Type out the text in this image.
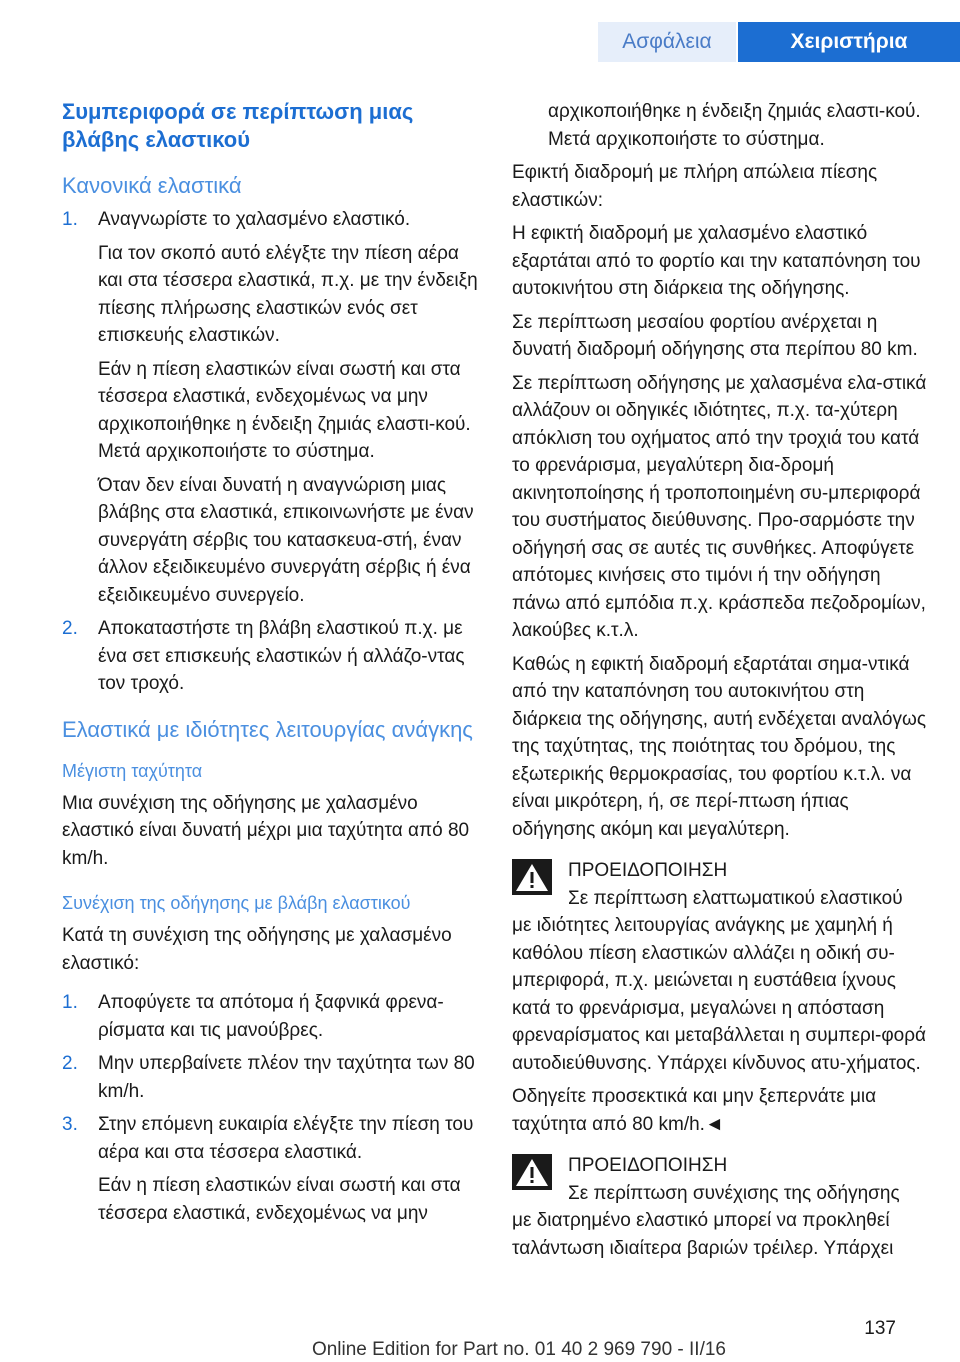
Ασφάλεια	Χειριστήρια
Συμπεριφορά σε περίπτωση μιας βλάβης ελαστικού
Κανονικά ελαστικά
1. Αναγνωρίστε το χαλασμένο ελαστικό.
Για τον σκοπό αυτό ελέγξτε την πίεση αέρα και στα τέσσερα ελαστικά, π.χ. με την ένδειξη πίεσης πλήρωσης ελαστικών ενός σετ επισκευής ελαστικών.
Εάν η πίεση ελαστικών είναι σωστή και στα τέσσερα ελαστικά, ενδεχομένως να μην αρχικοποιήθηκε η ένδειξη ζημιάς ελαστι-κού. Μετά αρχικοποιήστε το σύστημα.
Όταν δεν είναι δυνατή η αναγνώριση μιας βλάβης στα ελαστικά, επικοινωνήστε με έναν συνεργάτη σέρβις του κατασκευα-στή, έναν άλλον εξειδικευμένο συνεργάτη σέρβις ή ένα εξειδικευμένο συνεργείο.
2. Αποκαταστήστε τη βλάβη ελαστικού π.χ. με ένα σετ επισκευής ελαστικών ή αλλάζο-ντας τον τροχό.
Ελαστικά με ιδιότητες λειτουργίας ανάγκης
Μέγιστη ταχύτητα

Μια συνέχιση της οδήγησης με χαλασμένο ελαστικό είναι δυνατή μέχρι μια ταχύτητα από 80 km/h.

Συνέχιση της οδήγησης με βλάβη ελαστικού

Κατά τη συνέχιση της οδήγησης με χαλασμένο ελαστικό:

1. Αποφύγετε τα απότομα ή ξαφνικά φρενα-ρίσματα και τις μανούβρες.
2. Μην υπερβαίνετε πλέον την ταχύτητα των 80 km/h.
3. Στην επόμενη ευκαιρία ελέγξτε την πίεση του αέρα και στα τέσσερα ελαστικά.
Εάν η πίεση ελαστικών είναι σωστή και στα τέσσερα ελαστικά, ενδεχομένως να μην

αρχικοποιήθηκε η ένδειξη ζημιάς ελαστι-κού. Μετά αρχικοποιήστε το σύστημα.

Εφικτή διαδρομή με πλήρη απώλεια πίεσης ελαστικών:

Η εφικτή διαδρομή με χαλασμένο ελαστικό εξαρτάται από το φορτίο και την καταπόνηση του αυτοκινήτου στη διάρκεια της οδήγησης.

Σε περίπτωση μεσαίου φορτίου ανέρχεται η δυνατή διαδρομή οδήγησης στα περίπου 80 km.

Σε περίπτωση οδήγησης με χαλασμένα ελα-στικά αλλάζουν οι οδηγικές ιδιότητες, π.χ. τα-χύτερη απόκλιση του οχήματος από την τροχιά του κατά το φρενάρισμα, μεγαλύτερη δια-δρομή ακινητοποίησης ή τροποποιημένη συ-μπεριφορά του συστήματος διεύθυνσης. Προ-σαρμόστε την οδήγησή σας σε αυτές τις συνθήκες. Αποφύγετε απότομες κινήσεις στο τιμόνι ή την οδήγηση πάνω από εμπόδια π.χ. κράσπεδα πεζοδρομίων, λακούβες κ.τ.λ.

Καθώς η εφικτή διαδρομή εξαρτάται σημα-ντικά από την καταπόνηση του αυτοκινήτου στη διάρκεια της οδήγησης, αυτή ενδέχεται αναλόγως της ταχύτητας, της ποιότητας του δρόμου, της εξωτερικής θερμοκρασίας, του φορτίου κ.τ.λ. να είναι μικρότερη, ή, σε περί-πτωση ήπιας οδήγησης ακόμη και μεγαλύτερη.

ΠΡΟΕΙΔΟΠΟΙΗΣΗ

Σε περίπτωση ελαττωματικού ελαστικού

με ιδιότητες λειτουργίας ανάγκης με χαμηλή ή καθόλου πίεση ελαστικών αλλάζει η οδική συ-μπεριφορά, π.χ. μειώνεται η ευστάθεια ίχνους κατά το φρενάρισμα, μεγαλώνει η απόσταση φρεναρίσματος και μεταβάλλεται η συμπερι-φορά αυτοδιεύθυνσης. Υπάρχει κίνδυνος ατυ-χήματος.

Οδηγείτε προσεκτικά και μην ξεπερνάτε μια ταχύτητα από 80 km/h.◄

ΠΡΟΕΙΔΟΠΟΙΗΣΗ

Σε περίπτωση συνέχισης της οδήγησης

με διατρημένο ελαστικό μπορεί να προκληθεί ταλάντωση ιδιαίτερα βαριών τρέιλερ. Υπάρχει

137
Online Edition for Part no. 01 40 2 969 790 - II/16
